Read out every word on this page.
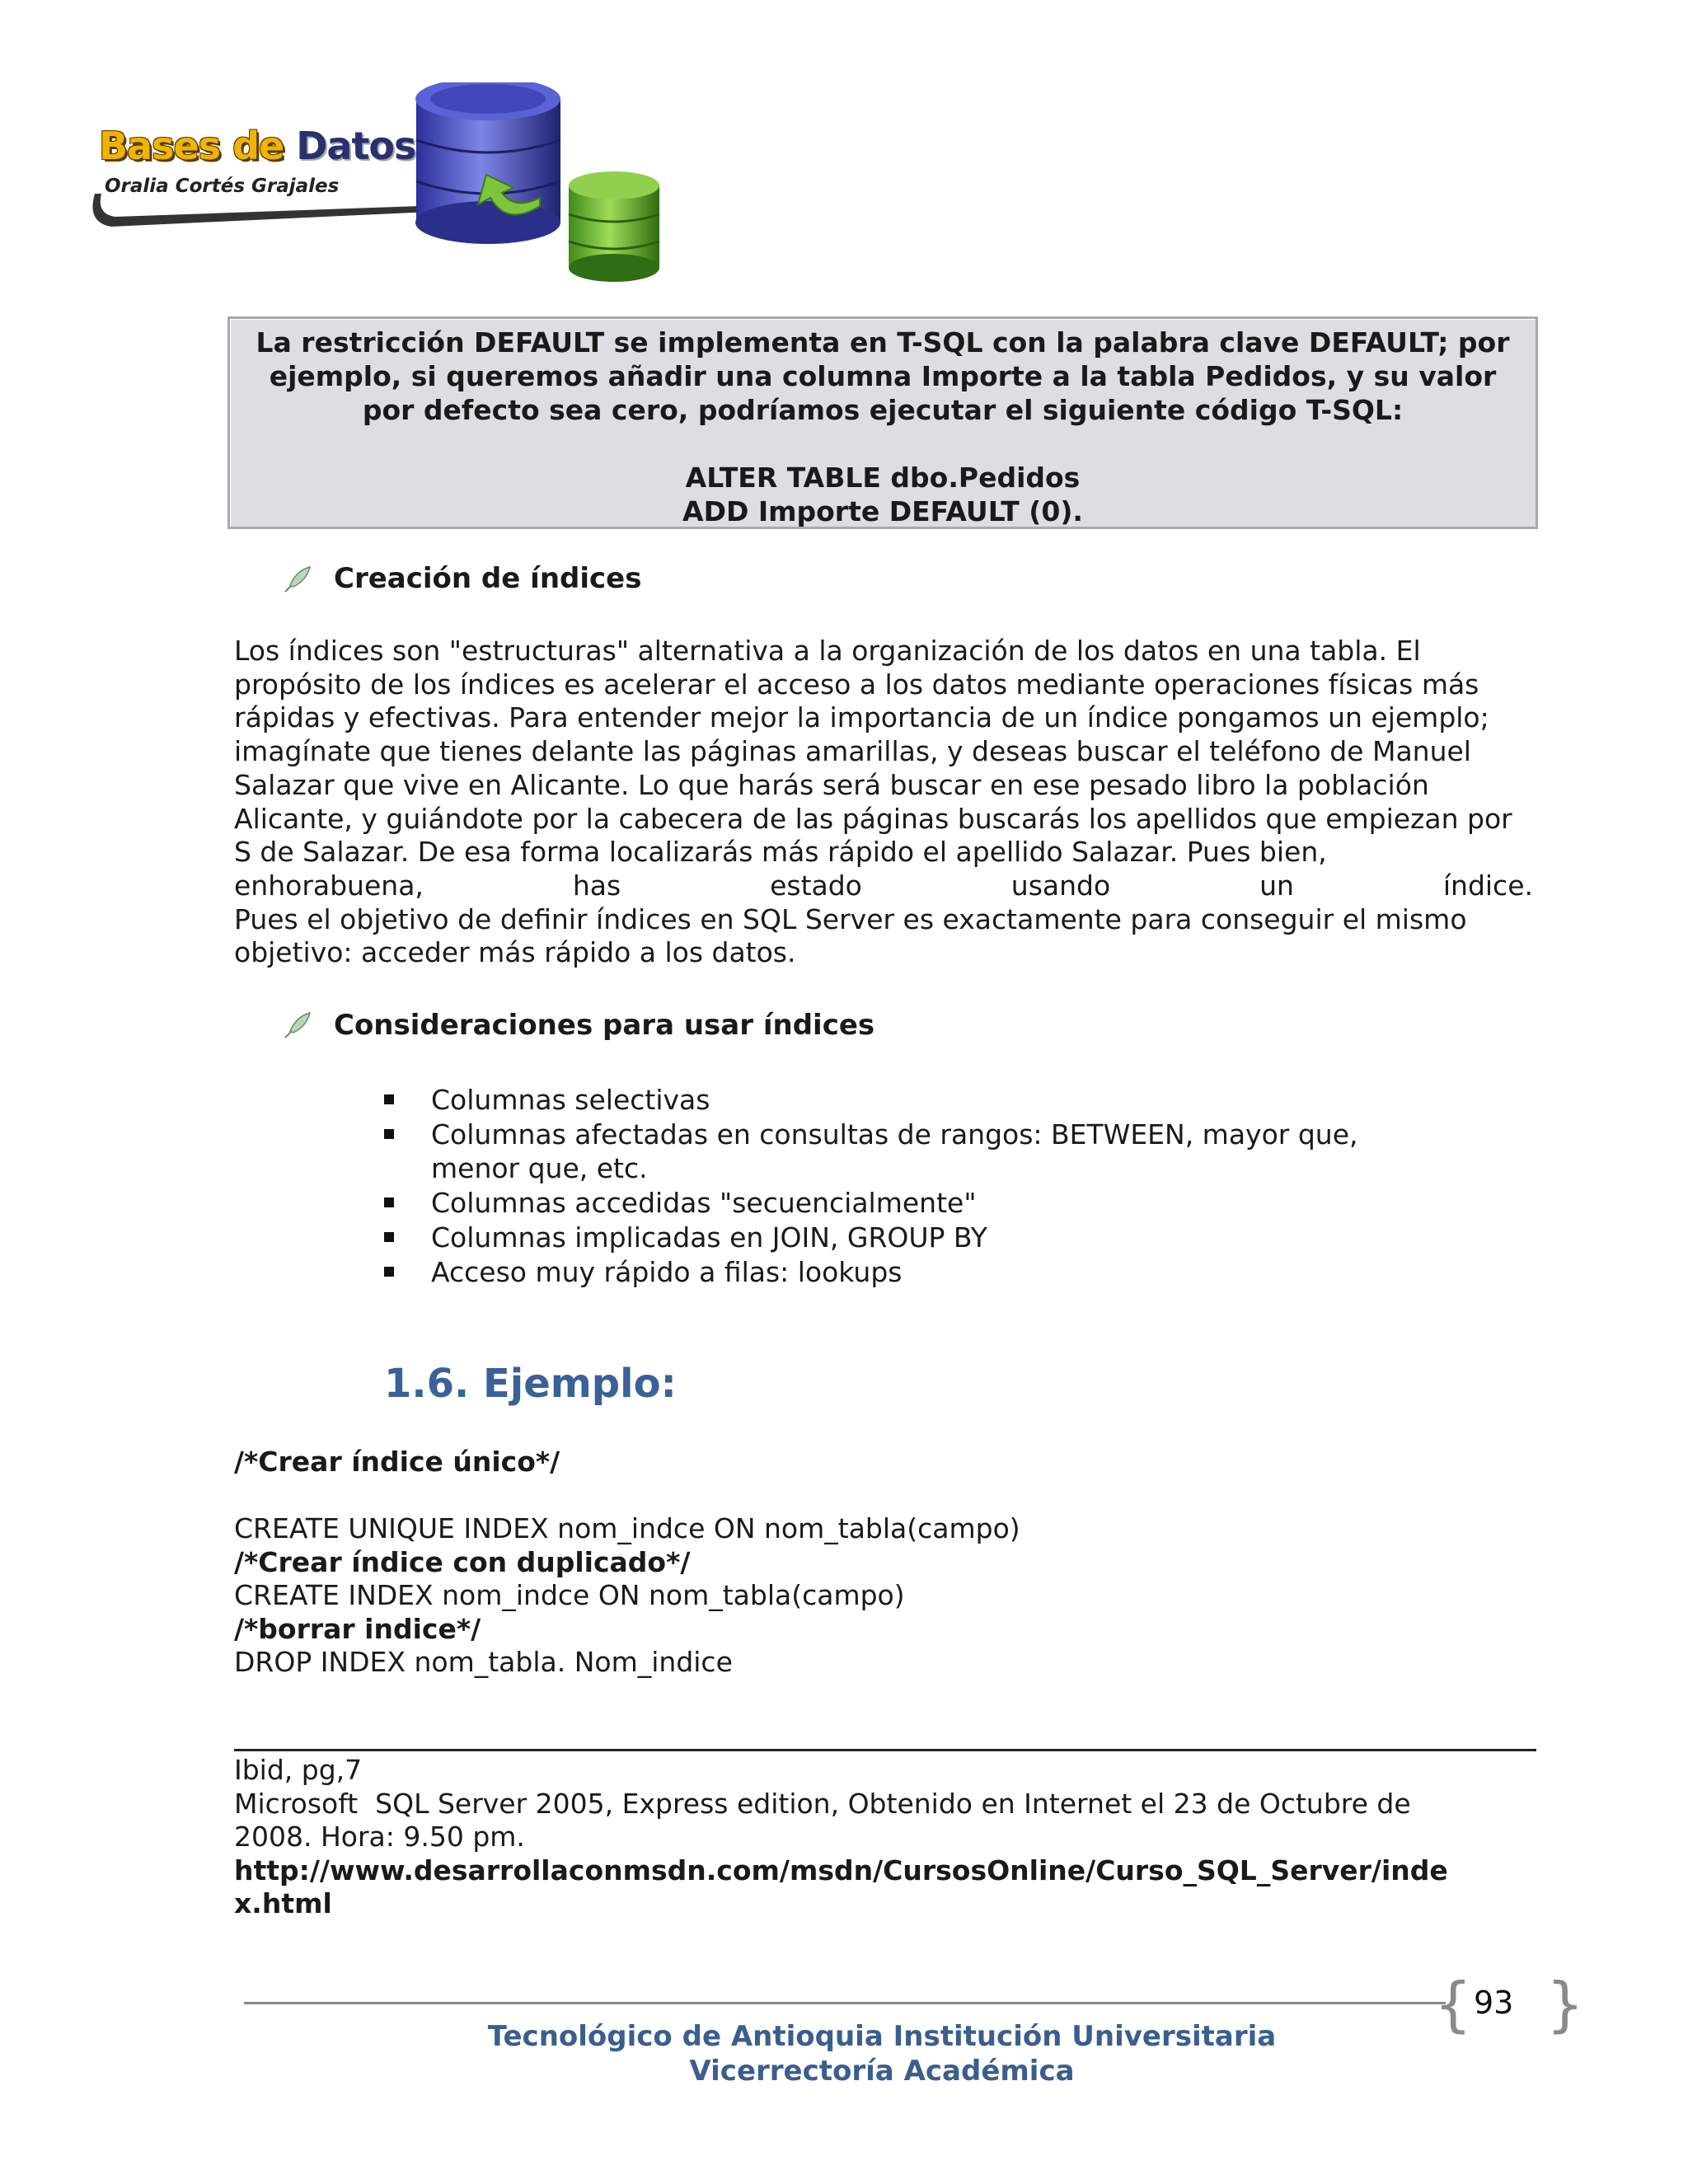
Bases de Datos
Oralia Cortés Grajales

La restricción DEFAULT se implementa en T-SQL con la palabra clave DEFAULT; por

ejemplo, si queremos añadir una columna Importe a la tabla Pedidos, y su valor

por defecto sea cero, podríamos ejecutar el siguiente código T-SQL:

ALTER TABLE dbo.Pedidos

ADD Importe DEFAULT (0).

Creación de índices

Los índices son "estructuras" alternativa a la organización de los datos en una tabla. El

propósito de los índices es acelerar el acceso a los datos mediante operaciones físicas más

rápidas y efectivas. Para entender mejor la importancia de un índice pongamos un ejemplo;

imagínate que tienes delante las páginas amarillas, y deseas buscar el teléfono de Manuel

Salazar que vive en Alicante. Lo que harás será buscar en ese pesado libro la población

Alicante, y guiándote por la cabecera de las páginas buscarás los apellidos que empiezan por

S de Salazar. De esa forma localizarás más rápido el apellido Salazar. Pues bien,

enhorabuena, has estado usando un índice.

Pues el objetivo de definir índices en SQL Server es exactamente para conseguir el mismo

objetivo: acceder más rápido a los datos.

Consideraciones para usar índices
Columnas selectivas
Columnas afectadas en consultas de rangos: BETWEEN, mayor que, menor que, etc.
Columnas accedidas "secuencialmente"
Columnas implicadas en JOIN, GROUP BY
Acceso muy rápido a filas: lookups
1.6. Ejemplo:
/*Crear índice único*/
CREATE UNIQUE INDEX nom_indce ON nom_tabla(campo)
/*Crear índice con duplicado*/
CREATE INDEX nom_indce ON nom_tabla(campo)
/*borrar indice*/
DROP INDEX nom_tabla. Nom_indice
Ibid, pg,7
Microsoft  SQL Server 2005, Express edition, Obtenido en Internet el 23 de Octubre de
2008. Hora: 9.50 pm.
http://www.desarrollaconmsdn.com/msdn/CursosOnline/Curso_SQL_Server/inde
x.html
{ 93 }
Tecnológico de Antioquia Institución Universitaria
Vicerrectoría Académica
